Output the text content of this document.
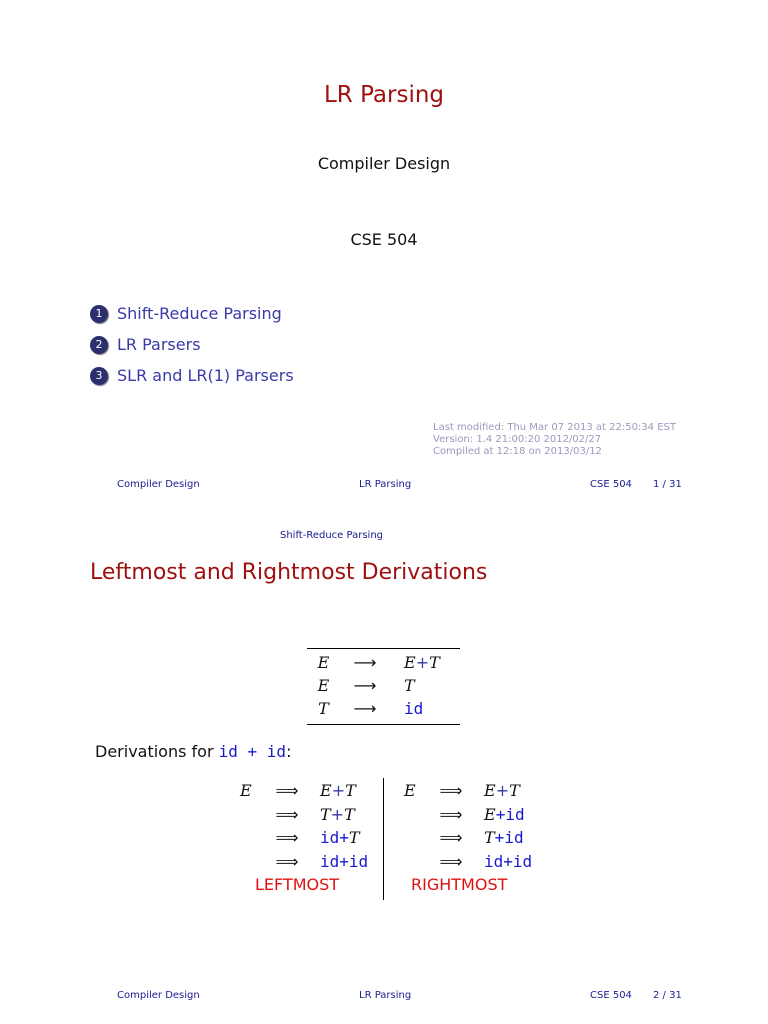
LR Parsing
Compiler Design
CSE 504
1 Shift-Reduce Parsing
2 LR Parsers
3 SLR and LR(1) Parsers
Last modified: Thu Mar 07 2013 at 22:50:34 EST
Version: 1.4 21:00:20 2012/02/27
Compiled at 12:18 on 2013/03/12
Compiler Design	LR Parsing	CSE 504 1 / 31
Shift-Reduce Parsing
Leftmost and Rightmost Derivations
E	⟶	E+T
E	⟶	T
T	⟶	id
Derivations for id + id:
E	⟹	E+T
⟹	T+T
⟹	id+T
⟹	id+id
LEFTMOST
E	⟹	E+T
⟹	E+id
⟹	T+id
⟹	id+id
RIGHTMOST
Compiler Design	LR Parsing	CSE 504 2 / 31
